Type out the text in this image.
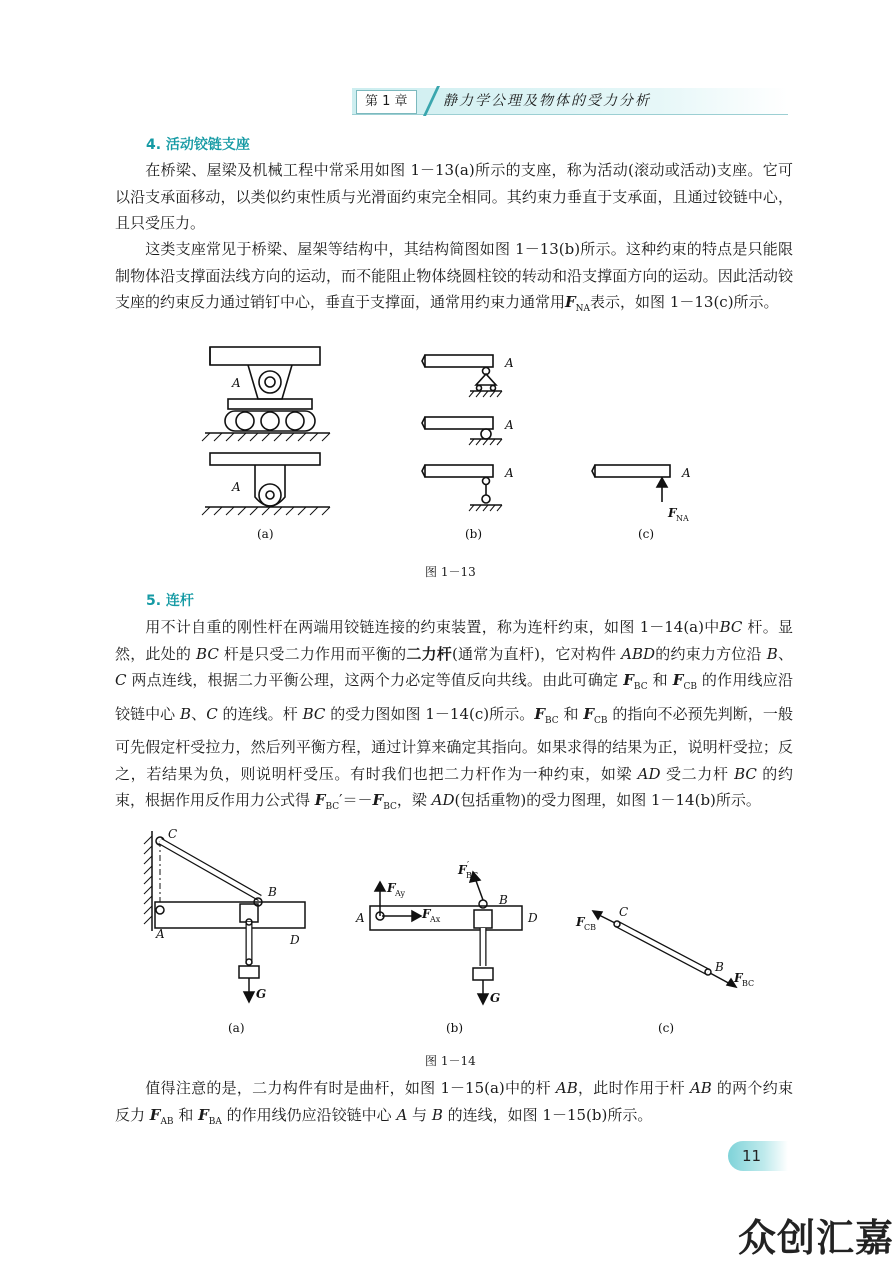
第 1 章	静力学公理及物体的受力分析
4. 活动铰链支座

在桥梁、屋梁及机械工程中常采用如图 1－13(a)所示的支座，称为活动(滚动或活动)支座。它可以沿支承面移动，以类似约束性质与光滑面约束完全相同。其约束力垂直于支承面，且通过铰链中心，且只受压力。

这类支座常见于桥梁、屋架等结构中，其结构简图如图 1－13(b)所示。这种约束的特点是只能限制物体沿支撑面法线方向的运动，而不能阻止物体绕圆柱铰的转动和沿支撑面方向的运动。因此活动铰支座的约束反力通过销钉中心，垂直于支撑面，通常用约束力通常用$F_{NA}$表示，如图 1－13(c)所示。

A
A
A
A
A	A
F NA
(a)	(b)	(c)
图 1－13
5. 连杆
用不计自重的刚性杆在两端用铰链连接的约束装置，称为连杆约束，如图 1－14(a)中BC 杆。显然，此处的 BC 杆是只受二力作用而平衡的二力杆(通常为直杆)，它对构件 ABD的约束力方位沿 B、C 两点连线，根据二力平衡公理，这两个力必定等值反向共线。由此可确定 $F_{BC}$ 和 $F_{CB}$ 的作用线应沿铰链中心 B、C 的连线。杆 BC 的受力图如图 1－14(c)所示。$F_{BC}$ 和 $F_{CB}$ 的指向不必预先判断，一般可先假定杆受拉力，然后列平衡方程，通过计算来确定其指向。如果求得的结果为正，说明杆受拉；反之，若结果为负，则说明杆受压。有时我们也把二力杆作为一种约束，如梁 AD 受二力杆 BC 的约束，根据作用反作用力公式得 $F_{BC}'=-F_{BC}$，梁 AD(包括重物)的受力图理，如图 1－14(b)所示。
C
B
A	D
G
F BC
′
F Ay
F Ax
A
B
D
G
F CB
C
B
F BC
(a)	(b)	(c)
图 1－14
值得注意的是，二力构件有时是曲杆，如图 1－15(a)中的杆 AB，此时作用于杆 AB 的两个约束反力 $F_{AB}$ 和 $F_{BA}$ 的作用线仍应沿铰链中心 A 与 B 的连线，如图 1－15(b)所示。
11
众创汇嘉
